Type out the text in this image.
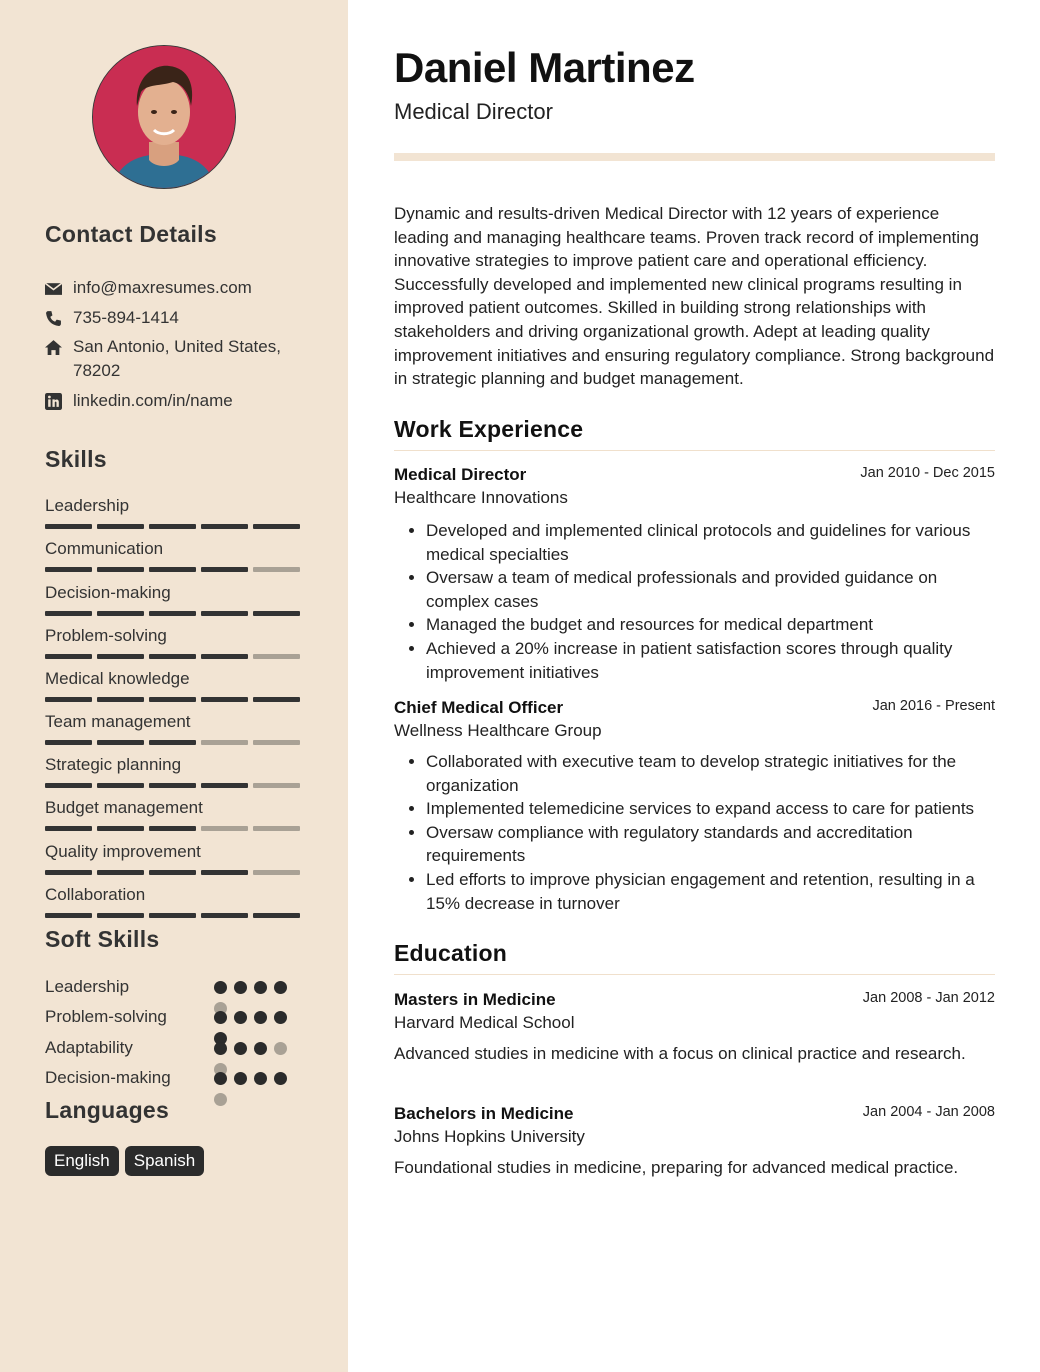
Contact Details
info@maxresumes.com
735-894-1414
San Antonio, United States,
78202
linkedin.com/in/name
Skills
Leadership
Communication
Decision-making
Problem-solving
Medical knowledge
Team management
Strategic planning
Budget management
Quality improvement
Collaboration
Soft Skills
Leadership
Problem-solving
Adaptability
Decision-making
Languages
English	Spanish
Daniel Martinez
Medical Director

Dynamic and results-driven Medical Director with 12 years of experience leading and managing healthcare teams. Proven track record of implementing innovative strategies to improve patient care and operational efficiency. Successfully developed and implemented new clinical programs resulting in improved patient outcomes. Skilled in building strong relationships with stakeholders and driving organizational growth. Adept at leading quality improvement initiatives and ensuring regulatory compliance. Strong background in strategic planning and budget management.

Work Experience
Medical Director	Jan 2010 - Dec 2015
Healthcare Innovations
• Developed and implemented clinical protocols and guidelines for various medical specialties
• Oversaw a team of medical professionals and provided guidance on complex cases
• Managed the budget and resources for medical department
• Achieved a 20% increase in patient satisfaction scores through quality improvement initiatives
Chief Medical Officer	Jan 2016 - Present
Wellness Healthcare Group
• Collaborated with executive team to develop strategic initiatives for the organization
• Implemented telemedicine services to expand access to care for patients
• Oversaw compliance with regulatory standards and accreditation requirements
• Led efforts to improve physician engagement and retention, resulting in a 15% decrease in turnover
Education
Masters in Medicine	Jan 2008 - Jan 2012
Harvard Medical School

Advanced studies in medicine with a focus on clinical practice and research.

Bachelors in Medicine	Jan 2004 - Jan 2008
Johns Hopkins University

Foundational studies in medicine, preparing for advanced medical practice.
